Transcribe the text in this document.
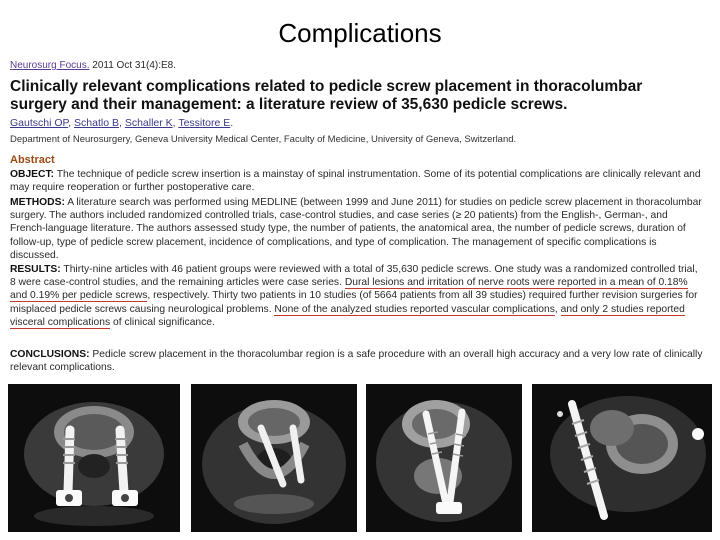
Complications
Neurosurg Focus. 2011 Oct 31(4):E8.
Clinically relevant complications related to pedicle screw placement in thoracolumbar surgery and their management: a literature review of 35,630 pedicle screws.
Gautschi OP, Schatlo B, Schaller K, Tessitore E.
Department of Neurosurgery, Geneva University Medical Center, Faculty of Medicine, University of Geneva, Switzerland.
Abstract
OBJECT: The technique of pedicle screw insertion is a mainstay of spinal instrumentation. Some of its potential complications are clinically relevant and may require reoperation or further postoperative care.
METHODS: A literature search was performed using MEDLINE (between 1999 and June 2011) for studies on pedicle screw placement in thoracolumbar surgery. The authors included randomized controlled trials, case-control studies, and case series (≥ 20 patients) from the English-, German-, and French-language literature. The authors assessed study type, the number of patients, the anatomical area, the number of pedicle screws, duration of follow-up, type of pedicle screw placement, incidence of complications, and type of complication. The management of specific complications is discussed.
RESULTS: Thirty-nine articles with 46 patient groups were reviewed with a total of 35,630 pedicle screws. One study was a randomized controlled trial, 8 were case-control studies, and the remaining articles were case series. Dural lesions and irritation of nerve roots were reported in a mean of 0.18% and 0.19% per pedicle screws, respectively. Thirty two patients in 10 studies (of 5664 patients from all 39 studies) required further revision surgeries for misplaced pedicle screws causing neurological problems. None of the analyzed studies reported vascular complications, and only 2 studies reported visceral complications of clinical significance.
CONCLUSIONS: Pedicle screw placement in the thoracolumbar region is a safe procedure with an overall high accuracy and a very low rate of clinically relevant complications.
